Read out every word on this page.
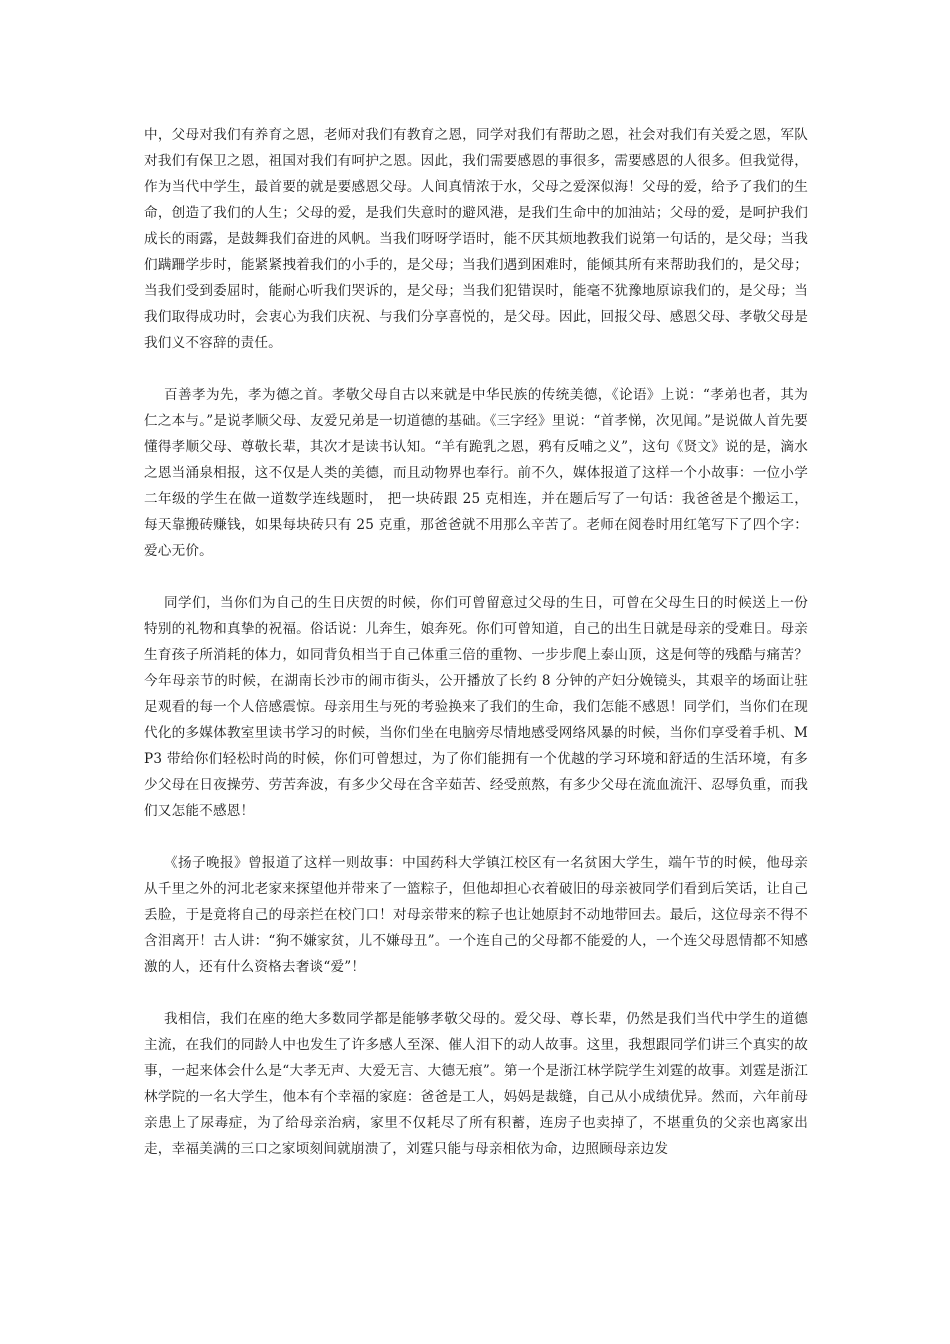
中，父母对我们有养育之恩，老师对我们有教育之恩，同学对我们有帮助之恩，社会对我们有关爱之恩，军队对我们有保卫之恩，祖国对我们有呵护之恩。因此，我们需要感恩的事很多，需要感恩的人很多。但我觉得，作为当代中学生，最首要的就是要感恩父母。人间真情浓于水，父母之爱深似海！父母的爱，给予了我们的生命，创造了我们的人生；父母的爱，是我们失意时的避风港，是我们生命中的加油站；父母的爱，是呵护我们成长的雨露，是鼓舞我们奋进的风帆。当我们呀呀学语时，能不厌其烦地教我们说第一句话的，是父母；当我们蹒跚学步时，能紧紧拽着我们的小手的，是父母；当我们遇到困难时，能倾其所有来帮助我们的，是父母；当我们受到委屈时，能耐心听我们哭诉的，是父母；当我们犯错误时，能毫不犹豫地原谅我们的，是父母；当我们取得成功时，会衷心为我们庆祝、与我们分享喜悦的，是父母。因此，回报父母、感恩父母、孝敬父母是我们义不容辞的责任。

百善孝为先，孝为德之首。孝敬父母自古以来就是中华民族的传统美德，《论语》上说：“孝弟也者，其为仁之本与。”是说孝顺父母、友爱兄弟是一切道德的基础。《三字经》里说：“首孝悌，次见闻。”是说做人首先要懂得孝顺父母、尊敬长辈，其次才是读书认知。“羊有跪乳之恩，鸦有反哺之义”，这句《贤文》说的是，滴水之恩当涌泉相报，这不仅是人类的美德，而且动物界也奉行。前不久，媒体报道了这样一个小故事：一位小学二年级的学生在做一道数学连线题时， 把一块砖跟 25 克相连，并在题后写了一句话：我爸爸是个搬运工，每天靠搬砖赚钱，如果每块砖只有 25 克重，那爸爸就不用那么辛苦了。老师在阅卷时用红笔写下了四个字：爱心无价。

同学们，当你们为自己的生日庆贺的时候，你们可曾留意过父母的生日，可曾在父母生日的时候送上一份特别的礼物和真挚的祝福。俗话说：儿奔生，娘奔死。你们可曾知道，自己的出生日就是母亲的受难日。母亲生育孩子所消耗的体力，如同背负相当于自己体重三倍的重物、一步步爬上泰山顶，这是何等的残酷与痛苦？今年母亲节的时候，在湖南长沙市的闹市街头，公开播放了长约 8 分钟的产妇分娩镜头，其艰辛的场面让驻足观看的每一个人倍感震惊。母亲用生与死的考验换来了我们的生命，我们怎能不感恩！同学们，当你们在现代化的多媒体教室里读书学习的时候，当你们坐在电脑旁尽情地感受网络风暴的时候，当你们享受着手机、MP3 带给你们轻松时尚的时候，你们可曾想过，为了你们能拥有一个优越的学习环境和舒适的生活环境，有多少父母在日夜操劳、劳苦奔波，有多少父母在含辛茹苦、经受煎熬，有多少父母在流血流汗、忍辱负重，而我们又怎能不感恩！

《扬子晚报》曾报道了这样一则故事：中国药科大学镇江校区有一名贫困大学生，端午节的时候，他母亲从千里之外的河北老家来探望他并带来了一篮粽子，但他却担心衣着破旧的母亲被同学们看到后笑话，让自己丢脸，于是竟将自己的母亲拦在校门口！对母亲带来的粽子也让她原封不动地带回去。最后，这位母亲不得不含泪离开！古人讲：“狗不嫌家贫，儿不嫌母丑”。一个连自己的父母都不能爱的人，一个连父母恩情都不知感激的人，还有什么资格去奢谈“爱”！

我相信，我们在座的绝大多数同学都是能够孝敬父母的。爱父母、尊长辈，仍然是我们当代中学生的道德主流，在我们的同龄人中也发生了许多感人至深、催人泪下的动人故事。这里，我想跟同学们讲三个真实的故事，一起来体会什么是“大孝无声、大爱无言、大德无痕”。第一个是浙江林学院学生刘霆的故事。刘霆是浙江林学院的一名大学生，他本有个幸福的家庭：爸爸是工人，妈妈是裁缝，自己从小成绩优异。然而，六年前母亲患上了尿毒症，为了给母亲治病，家里不仅耗尽了所有积蓄，连房子也卖掉了，不堪重负的父亲也离家出走，幸福美满的三口之家顷刻间就崩溃了，刘霆只能与母亲相依为命，边照顾母亲边发
